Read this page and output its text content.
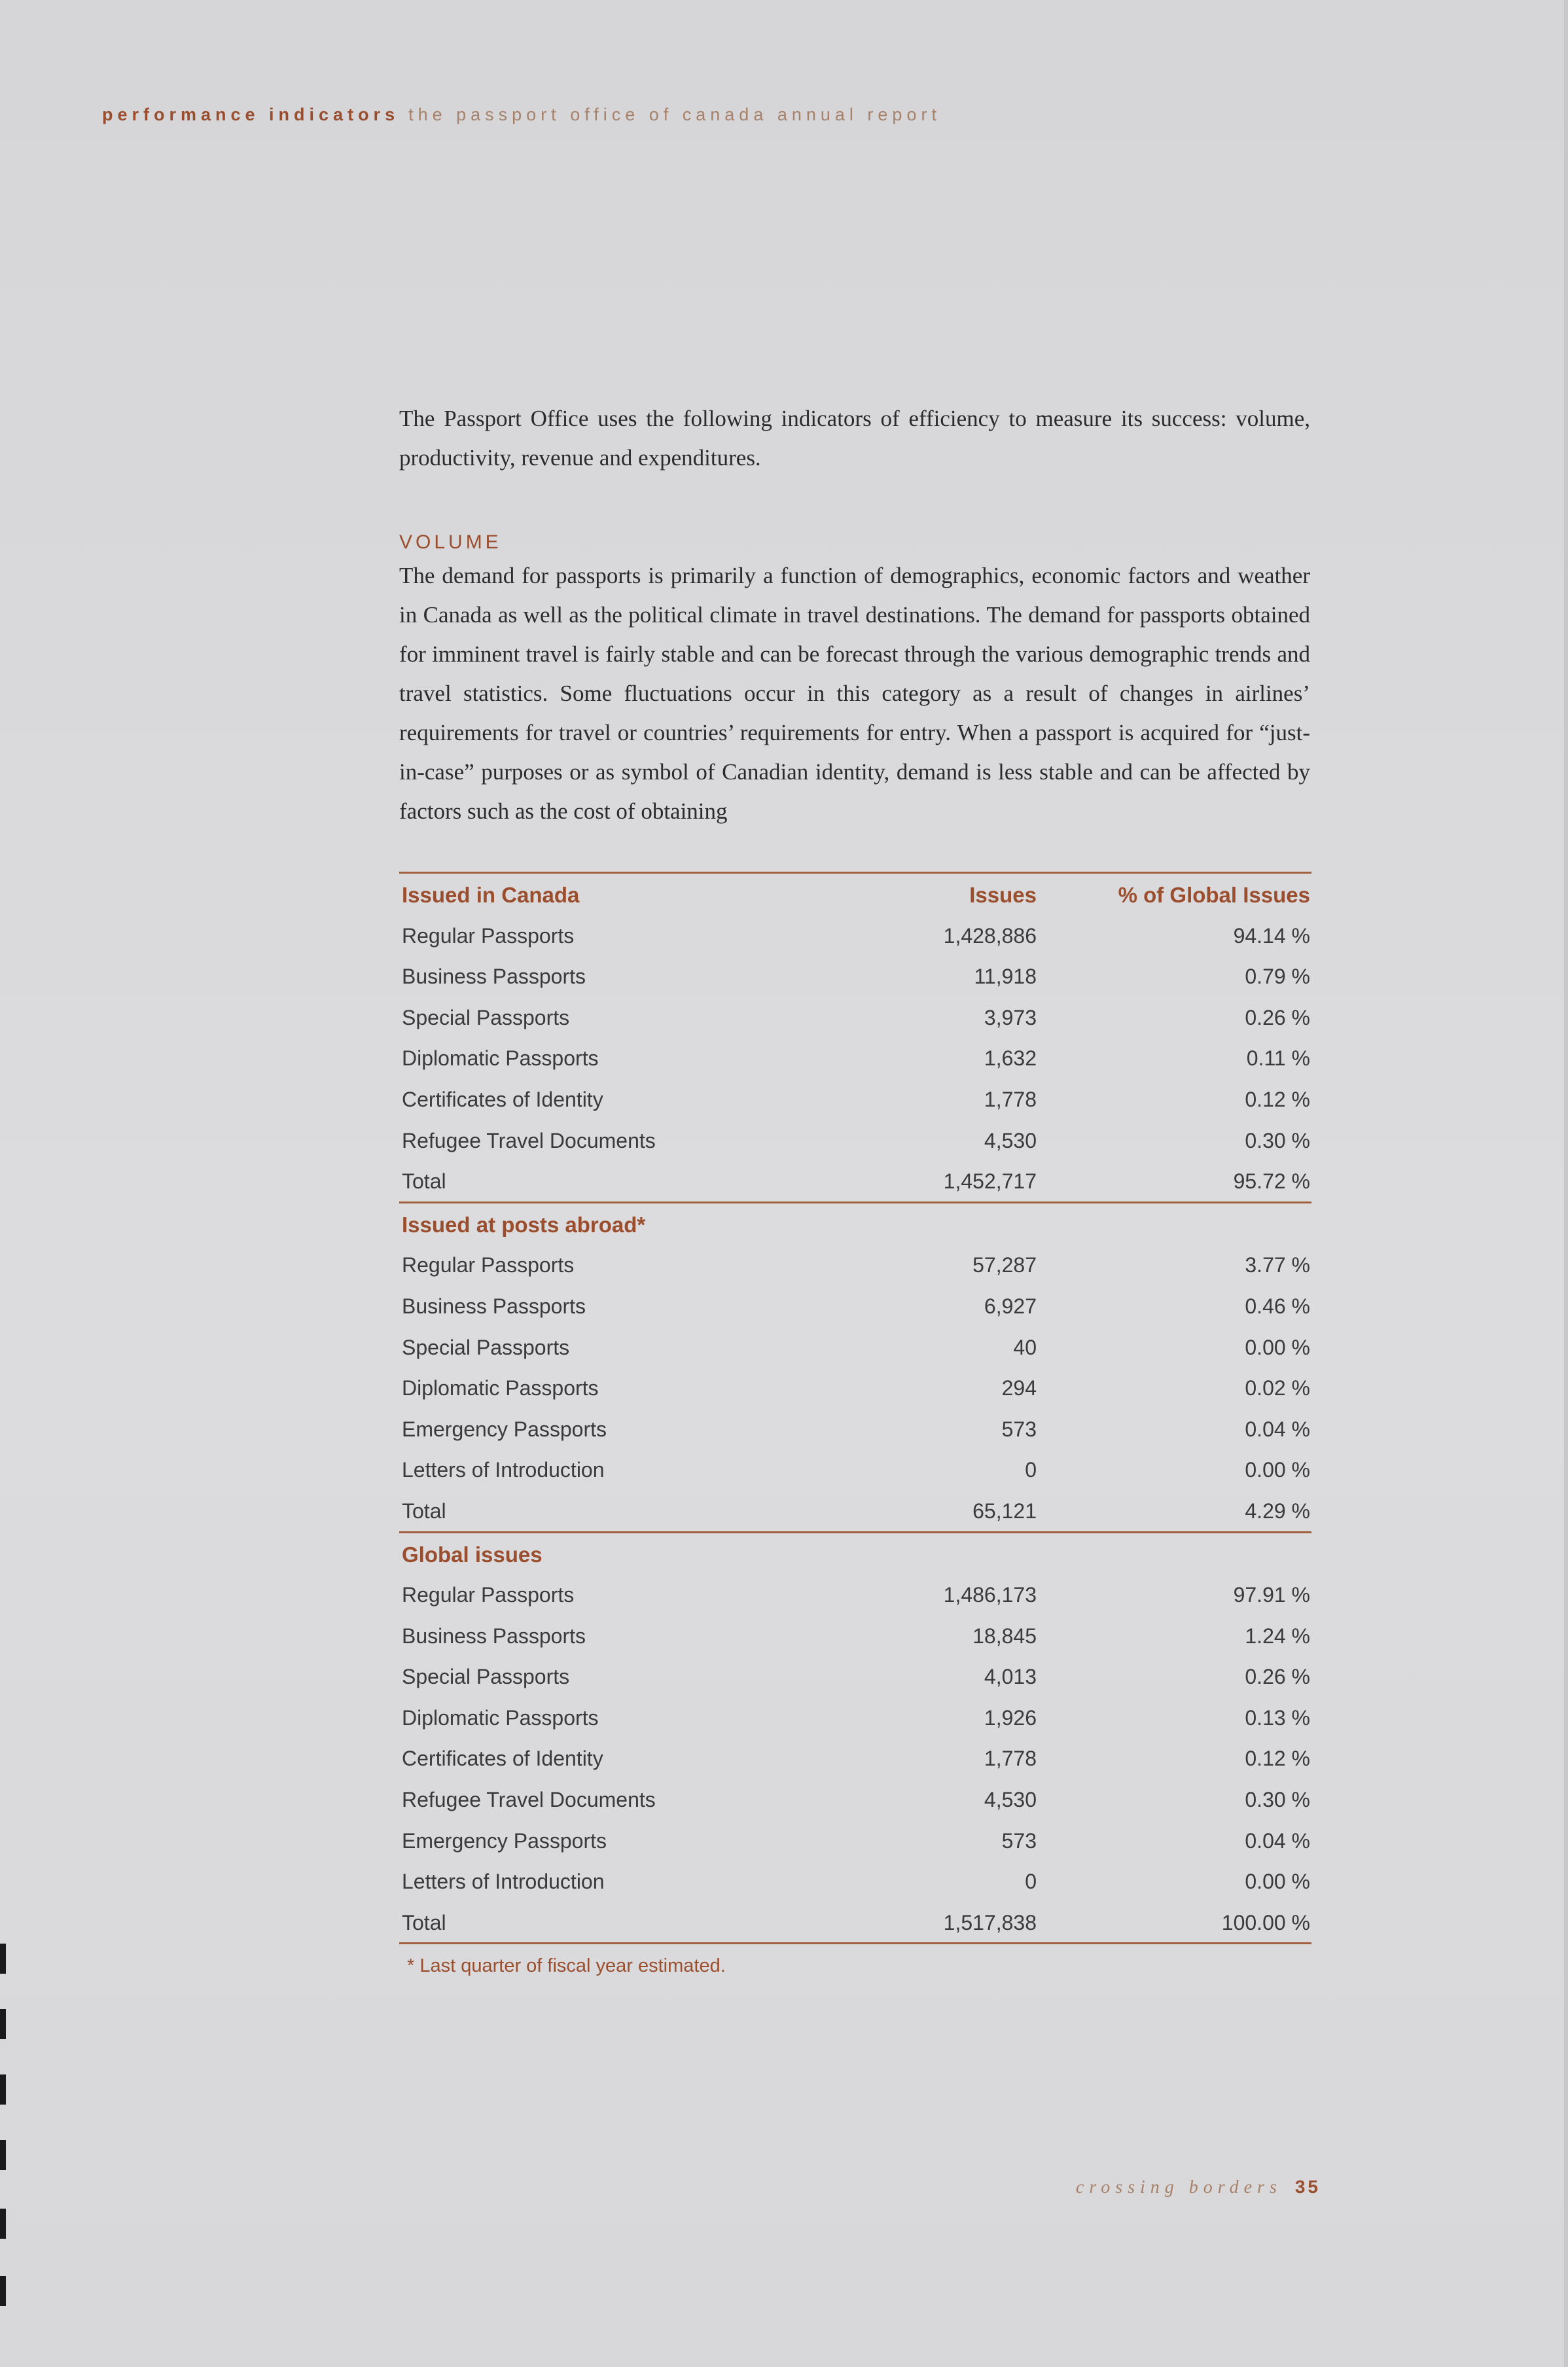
performance indicators the passport office of canada annual report
The Passport Office uses the following indicators of efficiency to measure its success: volume, productivity, revenue and expenditures.
VOLUME
The demand for passports is primarily a function of demographics, economic factors and weather in Canada as well as the political climate in travel destinations. The demand for passports obtained for imminent travel is fairly stable and can be forecast through the various demographic trends and travel statistics. Some fluctuations occur in this category as a result of changes in airlines’ requirements for travel or countries’ requirements for entry. When a passport is acquired for “just-in-case” purposes or as symbol of Canadian identity, demand is less stable and can be affected by factors such as the cost of obtaining
Issued in Canada	Issues	% of Global Issues
Regular Passports	1,428,886	94.14 %
Business Passports	11,918	0.79 %
Special Passports	3,973	0.26 %
Diplomatic Passports	1,632	0.11 %
Certificates of Identity	1,778	0.12 %
Refugee Travel Documents	4,530	0.30 %
Total	1,452,717	95.72 %
Issued at posts abroad*
Regular Passports	57,287	3.77 %
Business Passports	6,927	0.46 %
Special Passports	40	0.00 %
Diplomatic Passports	294	0.02 %
Emergency Passports	573	0.04 %
Letters of Introduction	0	0.00 %
Total	65,121	4.29 %
Global issues
Regular Passports	1,486,173	97.91 %
Business Passports	18,845	1.24 %
Special Passports	4,013	0.26 %
Diplomatic Passports	1,926	0.13 %
Certificates of Identity	1,778	0.12 %
Refugee Travel Documents	4,530	0.30 %
Emergency Passports	573	0.04 %
Letters of Introduction	0	0.00 %
Total	1,517,838	100.00 %
* Last quarter of fiscal year estimated.
crossing borders 35
